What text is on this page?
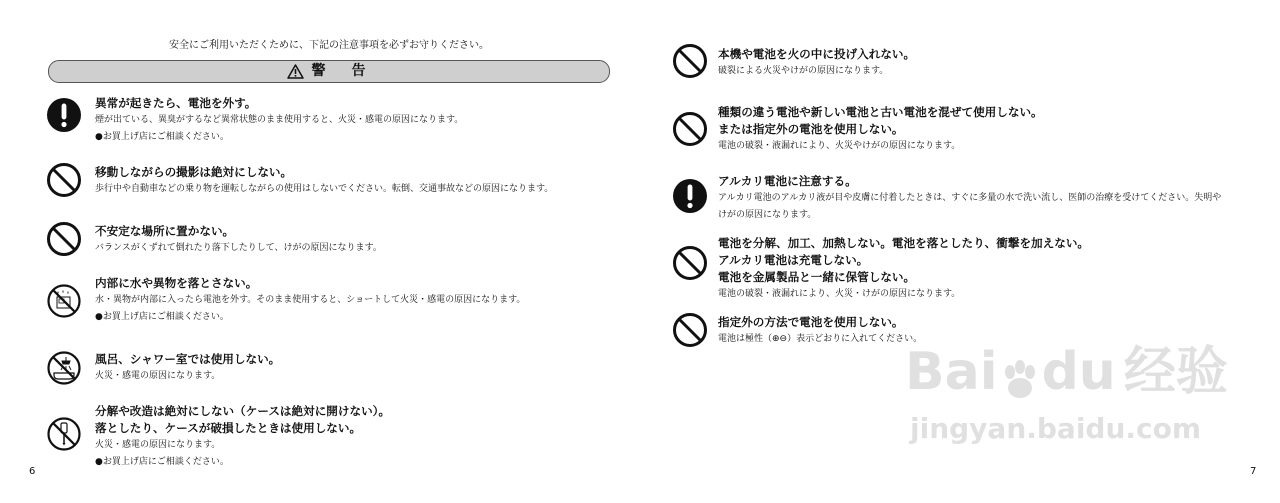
安全にご利用いただくために、下記の注意事項を必ずお守りください。
警　告
異常が起きたら、電池を外す。
煙が出ている、異臭がするなど異常状態のまま使用すると、火災・感電の原因になります。
●お買上げ店にご相談ください。
移動しながらの撮影は絶対にしない。
歩行中や自動車などの乗り物を運転しながらの使用はしないでください。転倒、交通事故などの原因になります。
不安定な場所に置かない。
バランスがくずれて倒れたり落下したりして、けがの原因になります。
内部に水や異物を落とさない。
水・異物が内部に入ったら電池を外す。そのまま使用すると、ショートして火災・感電の原因になります。
●お買上げ店にご相談ください。
風呂、シャワー室では使用しない。
火災・感電の原因になります。
分解や改造は絶対にしない（ケースは絶対に開けない）。
落としたり、ケースが破損したときは使用しない。
火災・感電の原因になります。
●お買上げ店にご相談ください。
6
本機や電池を火の中に投げ入れない。
破裂による火災やけがの原因になります。
種類の違う電池や新しい電池と古い電池を混ぜて使用しない。
または指定外の電池を使用しない。
電池の破裂・液漏れにより、火災やけがの原因になります。
アルカリ電池に注意する。
アルカリ電池のアルカリ液が目や皮膚に付着したときは、すぐに多量の水で洗い流し、医師の治療を受けてください。失明や
けがの原因になります。
電池を分解、加工、加熱しない。電池を落としたり、衝撃を加えない。
アルカリ電池は充電しない。
電池を金属製品と一緒に保管しない。
電池の破裂・液漏れにより、火災・けがの原因になります。
指定外の方法で電池を使用しない。
電池は極性（⊕⊖）表示どおりに入れてください。
7
Bai du 经验
jingyan.baidu.com
